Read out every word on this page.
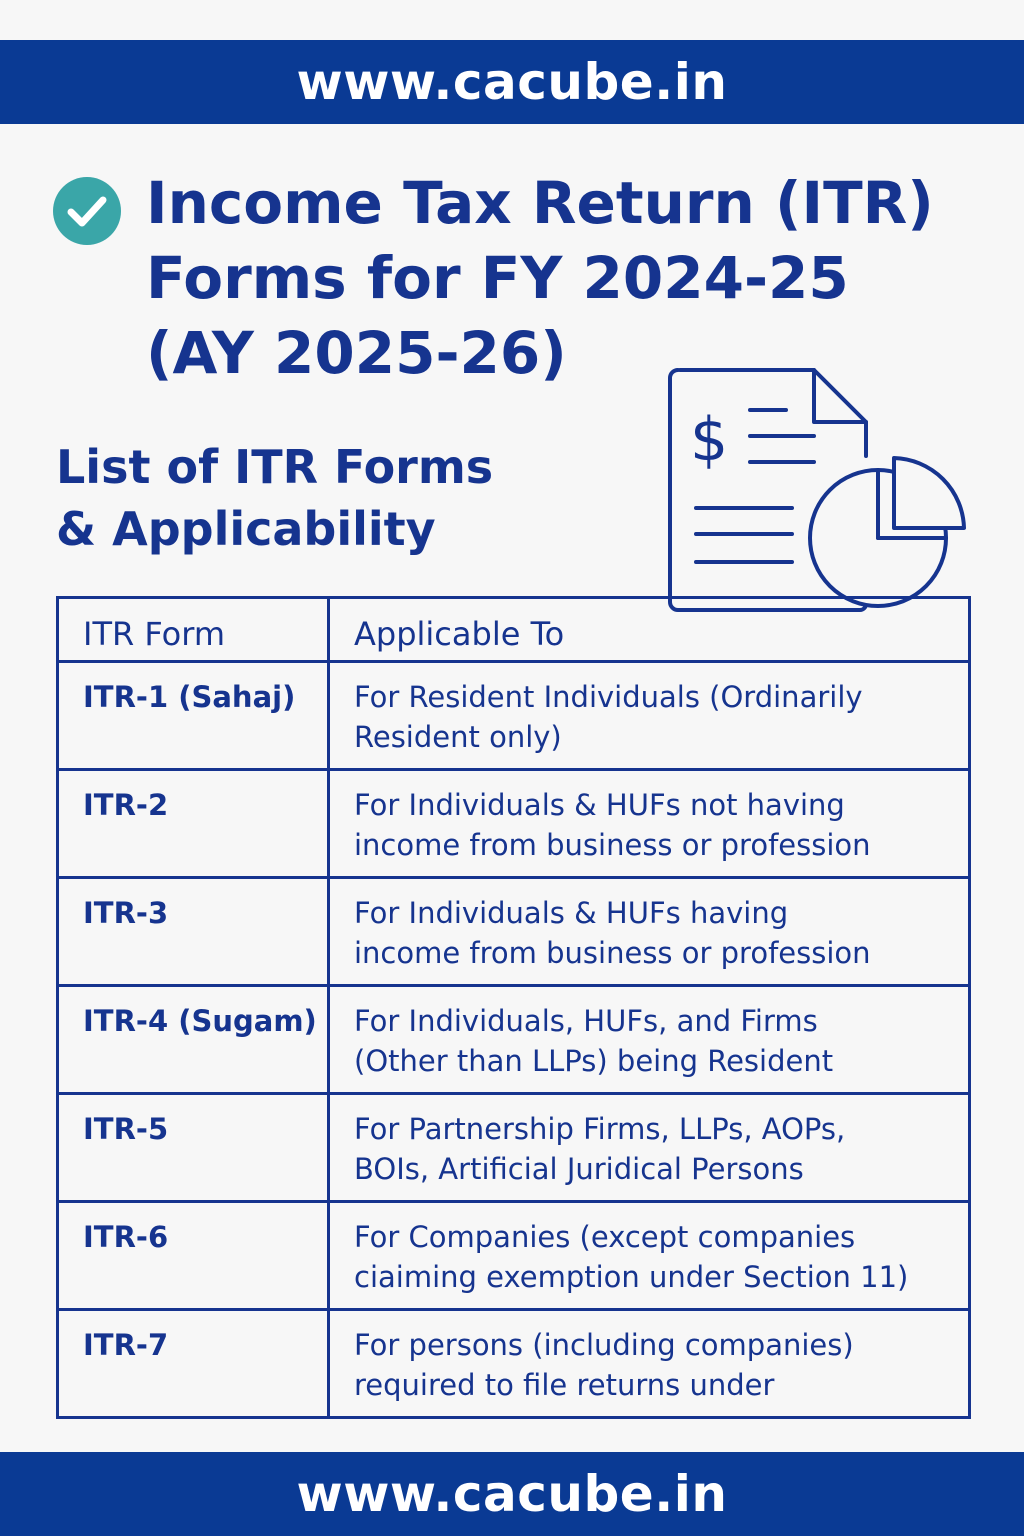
www.cacube.in
Income Tax Return (ITR)
Forms for FY 2024-25
(AY 2025-26)
List of ITR Forms
& Applicability
$
ITR Form	Applicable To
ITR-1 (Sahaj)	For Resident Individuals (Ordinarily
Resident only)

ITR-2	For Individuals & HUFs not having
income from business or profession

ITR-3	For Individuals & HUFs having
income from business or profession

ITR-4 (Sugam)	For Individuals, HUFs, and Firms
(Other than LLPs) being Resident

ITR-5	For Partnership Firms, LLPs, AOPs,
BOIs, Artificial Juridical Persons

ITR-6	For Companies (except companies
ciaiming exemption under Section 11)

ITR-7	For persons (including companies)
required to file returns under
www.cacube.in
